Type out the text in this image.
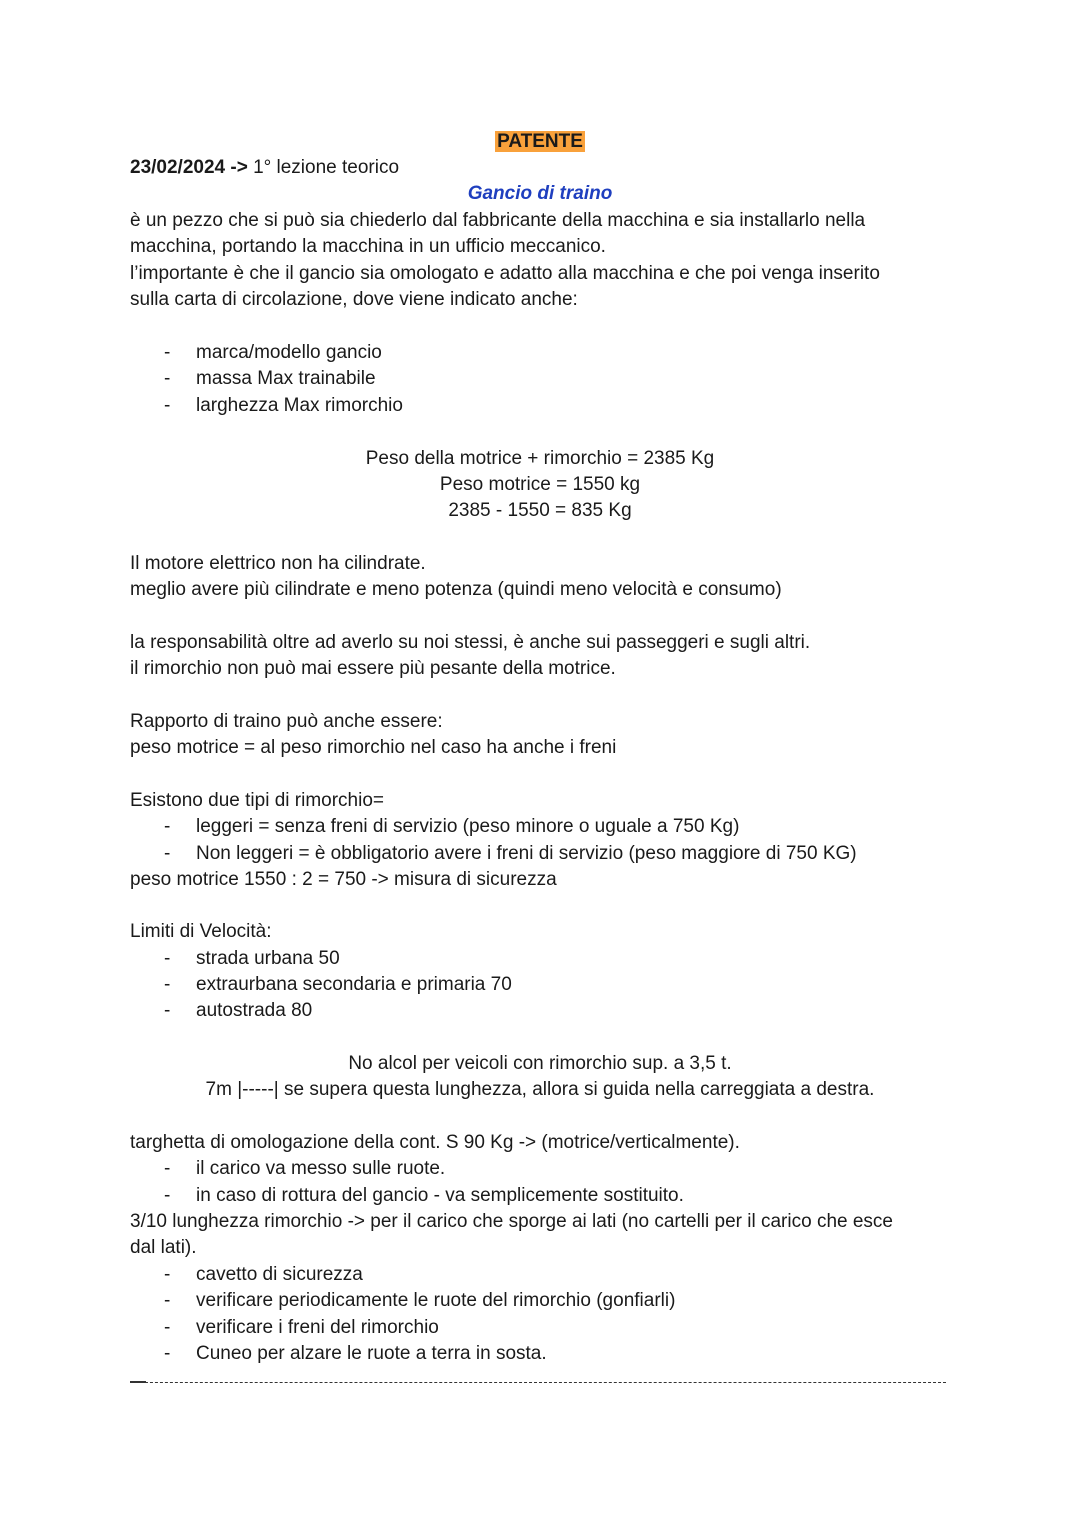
PATENTE
23/02/2024 -> 1° lezione teorico
Gancio di traino
è un pezzo che si può sia chiederlo dal fabbricante della macchina e sia installarlo nella
macchina, portando la macchina in un ufficio meccanico.
l’importante è che il gancio sia omologato e adatto alla macchina e che poi venga inserito
sulla carta di circolazione, dove viene indicato anche:
- marca/modello gancio
- massa Max trainabile
- larghezza Max rimorchio
Peso della motrice + rimorchio = 2385 Kg
Peso motrice = 1550 kg
2385 - 1550 = 835 Kg
Il motore elettrico non ha cilindrate.
meglio avere più cilindrate e meno potenza (quindi meno velocità e consumo)
la responsabilità oltre ad averlo su noi stessi, è anche sui passeggeri e sugli altri.
il rimorchio non può mai essere più pesante della motrice.
Rapporto di traino può anche essere:
peso motrice = al peso rimorchio nel caso ha anche i freni
Esistono due tipi di rimorchio=
- leggeri = senza freni di servizio (peso minore o uguale a 750 Kg)
- Non leggeri = è obbligatorio avere i freni di servizio (peso maggiore di 750 KG)
peso motrice 1550 : 2 = 750 -> misura di sicurezza
Limiti di Velocità:
- strada urbana 50
- extraurbana secondaria e primaria 70
- autostrada 80
No alcol per veicoli con rimorchio sup. a 3,5 t.
7m |-----| se supera questa lunghezza, allora si guida nella carreggiata a destra.
targhetta di omologazione della cont. S 90 Kg -> (motrice/verticalmente).
- il carico va messo sulle ruote.
- in caso di rottura del gancio - va semplicemente sostituito.
3/10 lunghezza rimorchio -> per il carico che sporge ai lati (no cartelli per il carico che esce
dal lati).
- cavetto di sicurezza
- verificare periodicamente le ruote del rimorchio (gonfiarli)
- verificare i freni del rimorchio
- Cuneo per alzare le ruote a terra in sosta.
